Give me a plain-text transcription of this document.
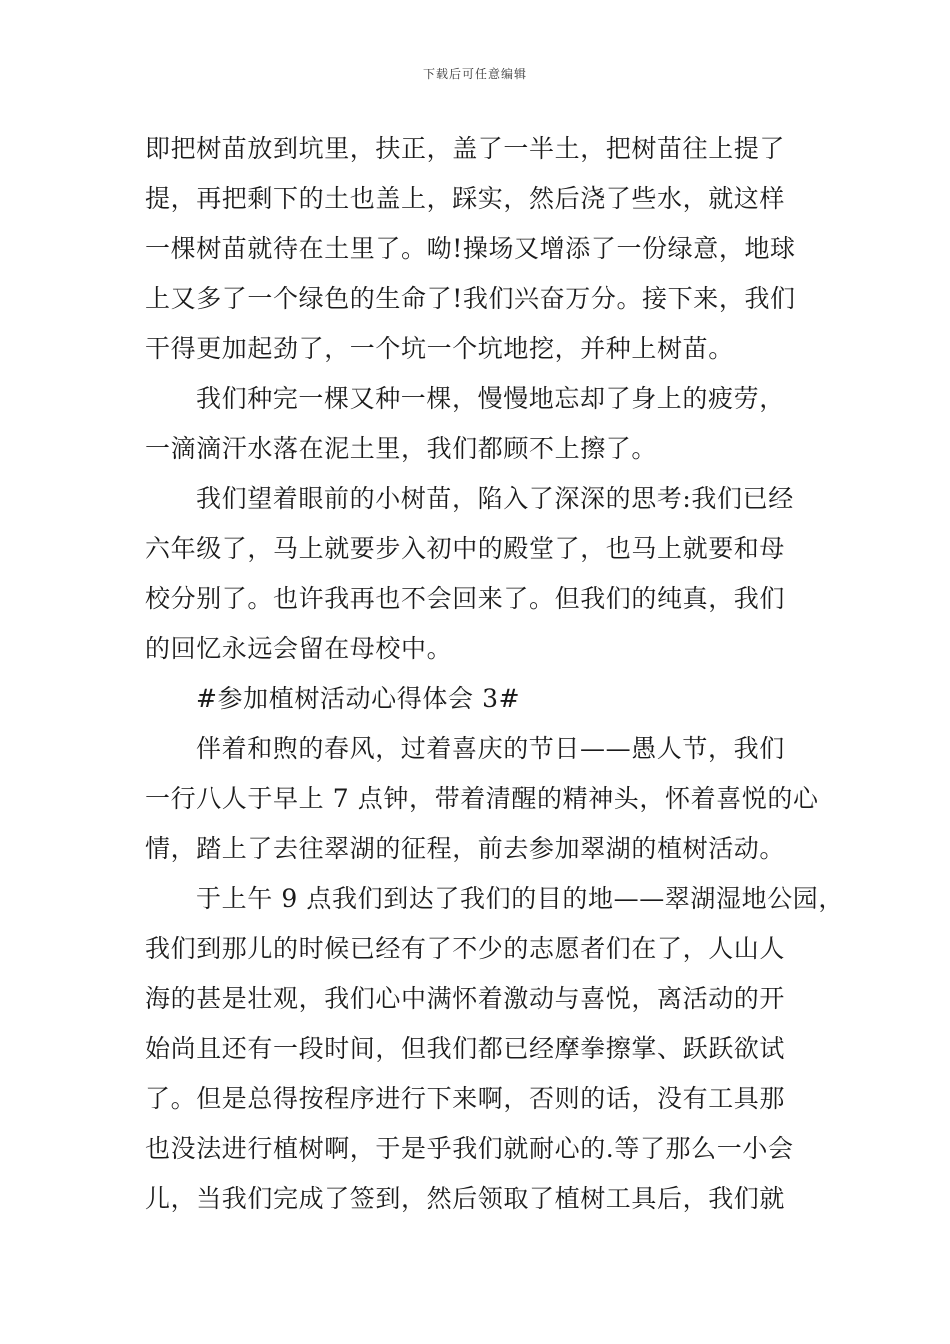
下载后可任意编辑
即把树苗放到坑里，扶正，盖了一半土，把树苗往上提了
提，再把剩下的土也盖上，踩实，然后浇了些水，就这样
一棵树苗就待在土里了。呦!操场又增添了一份绿意，地球
上又多了一个绿色的生命了!我们兴奋万分。接下来，我们
干得更加起劲了，一个坑一个坑地挖，并种上树苗。
我们种完一棵又种一棵，慢慢地忘却了身上的疲劳，
一滴滴汗水落在泥土里，我们都顾不上擦了。
我们望着眼前的小树苗，陷入了深深的思考:我们已经
六年级了，马上就要步入初中的殿堂了，也马上就要和母
校分别了。也许我再也不会回来了。但我们的纯真，我们
的回忆永远会留在母校中。
#参加植树活动心得体会 3#
伴着和煦的春风，过着喜庆的节日——愚人节，我们
一行八人于早上 7 点钟，带着清醒的精神头，怀着喜悦的心
情，踏上了去往翠湖的征程，前去参加翠湖的植树活动。
于上午 9 点我们到达了我们的目的地——翠湖湿地公园，
我们到那儿的时候已经有了不少的志愿者们在了，人山人
海的甚是壮观，我们心中满怀着激动与喜悦，离活动的开
始尚且还有一段时间，但我们都已经摩拳擦掌、跃跃欲试
了。但是总得按程序进行下来啊，否则的话，没有工具那
也没法进行植树啊，于是乎我们就耐心的.等了那么一小会
儿，当我们完成了签到，然后领取了植树工具后，我们就
